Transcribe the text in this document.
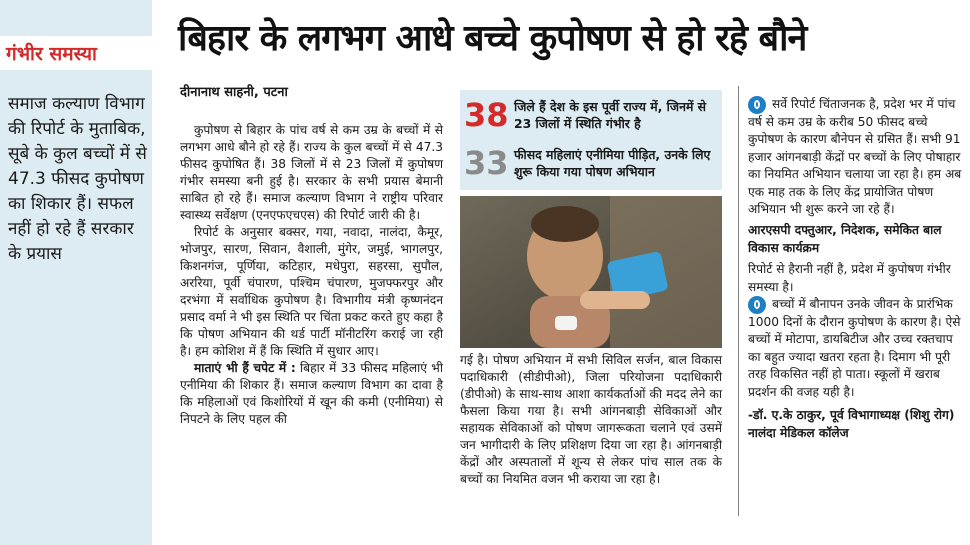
गंभीर समस्या
समाज कल्याण विभाग की रिपोर्ट के मुताबिक, सूबे के कुल बच्चों में से 47.3 फीसद कुपोषण का शिकार हैं। सफल नहीं हो रहे हैं सरकार के प्रयास
बिहार के लगभग आधे बच्चे कुपोषण से हो रहे बौने
दीनानाथ साहनी, पटना

कुपोषण से बिहार के पांच वर्ष से कम उम्र के बच्चों में से लगभग आधे बौने हो रहे हैं। राज्य के कुल बच्चों में से 47.3 फीसद कुपोषित हैं। 38 जिलों में से 23 जिलों में कुपोषण गंभीर समस्या बनी हुई है। सरकार के सभी प्रयास बेमानी साबित हो रहे हैं। समाज कल्याण विभाग ने राष्ट्रीय परिवार स्वास्थ्य सर्वेक्षण (एनएफएचएस) की रिपोर्ट जारी की है।

रिपोर्ट के अनुसार बक्सर, गया, नवादा, नालंदा, कैमूर, भोजपुर, सारण, सिवान, वैशाली, मुंगेर, जमुई, भागलपुर, किशनगंज, पूर्णिया, कटिहार, मधेपुरा, सहरसा, सुपौल, अररिया, पूर्वी चंपारण, पश्चिम चंपारण, मुजफ्फरपुर और दरभंगा में सर्वाधिक कुपोषण है। विभागीय मंत्री कृष्णनंदन प्रसाद वर्मा ने भी इस स्थिति पर चिंता प्रकट करते हुए कहा है कि पोषण अभियान की थर्ड पार्टी मॉनीटरिंग कराई जा रही है। हम कोशिश में हैं कि स्थिति में सुधार आए।

माताएं भी हैं चपेट में : बिहार में 33 फीसद महिलाएं भी एनीमिया की शिकार हैं। समाज कल्याण विभाग का दावा है कि महिलाओं एवं किशोरियों में खून की कमी (एनीमिया) से निपटने के लिए पहल की

38 जिले हैं देश के इस पूर्वी राज्य में, जिनमें से 23 जिलों में स्थिति गंभीर है
33 फीसद महिलाएं एनीमिया पीड़ित, उनके लिए शुरू किया गया पोषण अभियान
गई है। पोषण अभियान में सभी सिविल सर्जन, बाल विकास पदाधिकारी (सीडीपीओ), जिला परियोजना पदाधिकारी (डीपीओ) के साथ-साथ आशा कार्यकर्ताओं की मदद लेने का फैसला किया गया है। सभी आंगनबाड़ी सेविकाओं और सहायक सेविकाओं को पोषण जागरूकता चलाने एवं उसमें जन भागीदारी के लिए प्रशिक्षण दिया जा रहा है। आंगनबाड़ी केंद्रों और अस्पतालों में शून्य से लेकर पांच साल तक के बच्चों का नियमित वजन भी कराया जा रहा है।
सर्वे रिपोर्ट चिंताजनक है, प्रदेश भर में पांच वर्ष से कम उम्र के करीब 50 फीसद बच्चे कुपोषण के कारण बौनेपन से ग्रसित हैं। सभी 91 हजार आंगनबाड़ी केंद्रों पर बच्चों के लिए पोषाहार का नियमित अभियान चलाया जा रहा है। हम अब एक माह तक के लिए केंद्र प्रायोजित पोषण अभियान भी शुरू करने जा रहे हैं।
आरएसपी दफ्तुआर, निदेशक, समेकित बाल विकास कार्यक्रम
रिपोर्ट से हैरानी नहीं है, प्रदेश में कुपोषण गंभीर समस्या है।
बच्चों में बौनापन उनके जीवन के प्रारंभिक 1000 दिनों के दौरान कुपोषण के कारण है। ऐसे बच्चों में मोटापा, डायबिटीज और उच्च रक्तचाप का बहुत ज्यादा खतरा रहता है। दिमाग भी पूरी तरह विकसित नहीं हो पाता। स्कूलों में खराब प्रदर्शन की वजह यही है।
-डॉ. ए.के ठाकुर, पूर्व विभागाध्यक्ष (शिशु रोग) नालंदा मेडिकल कॉलेज
